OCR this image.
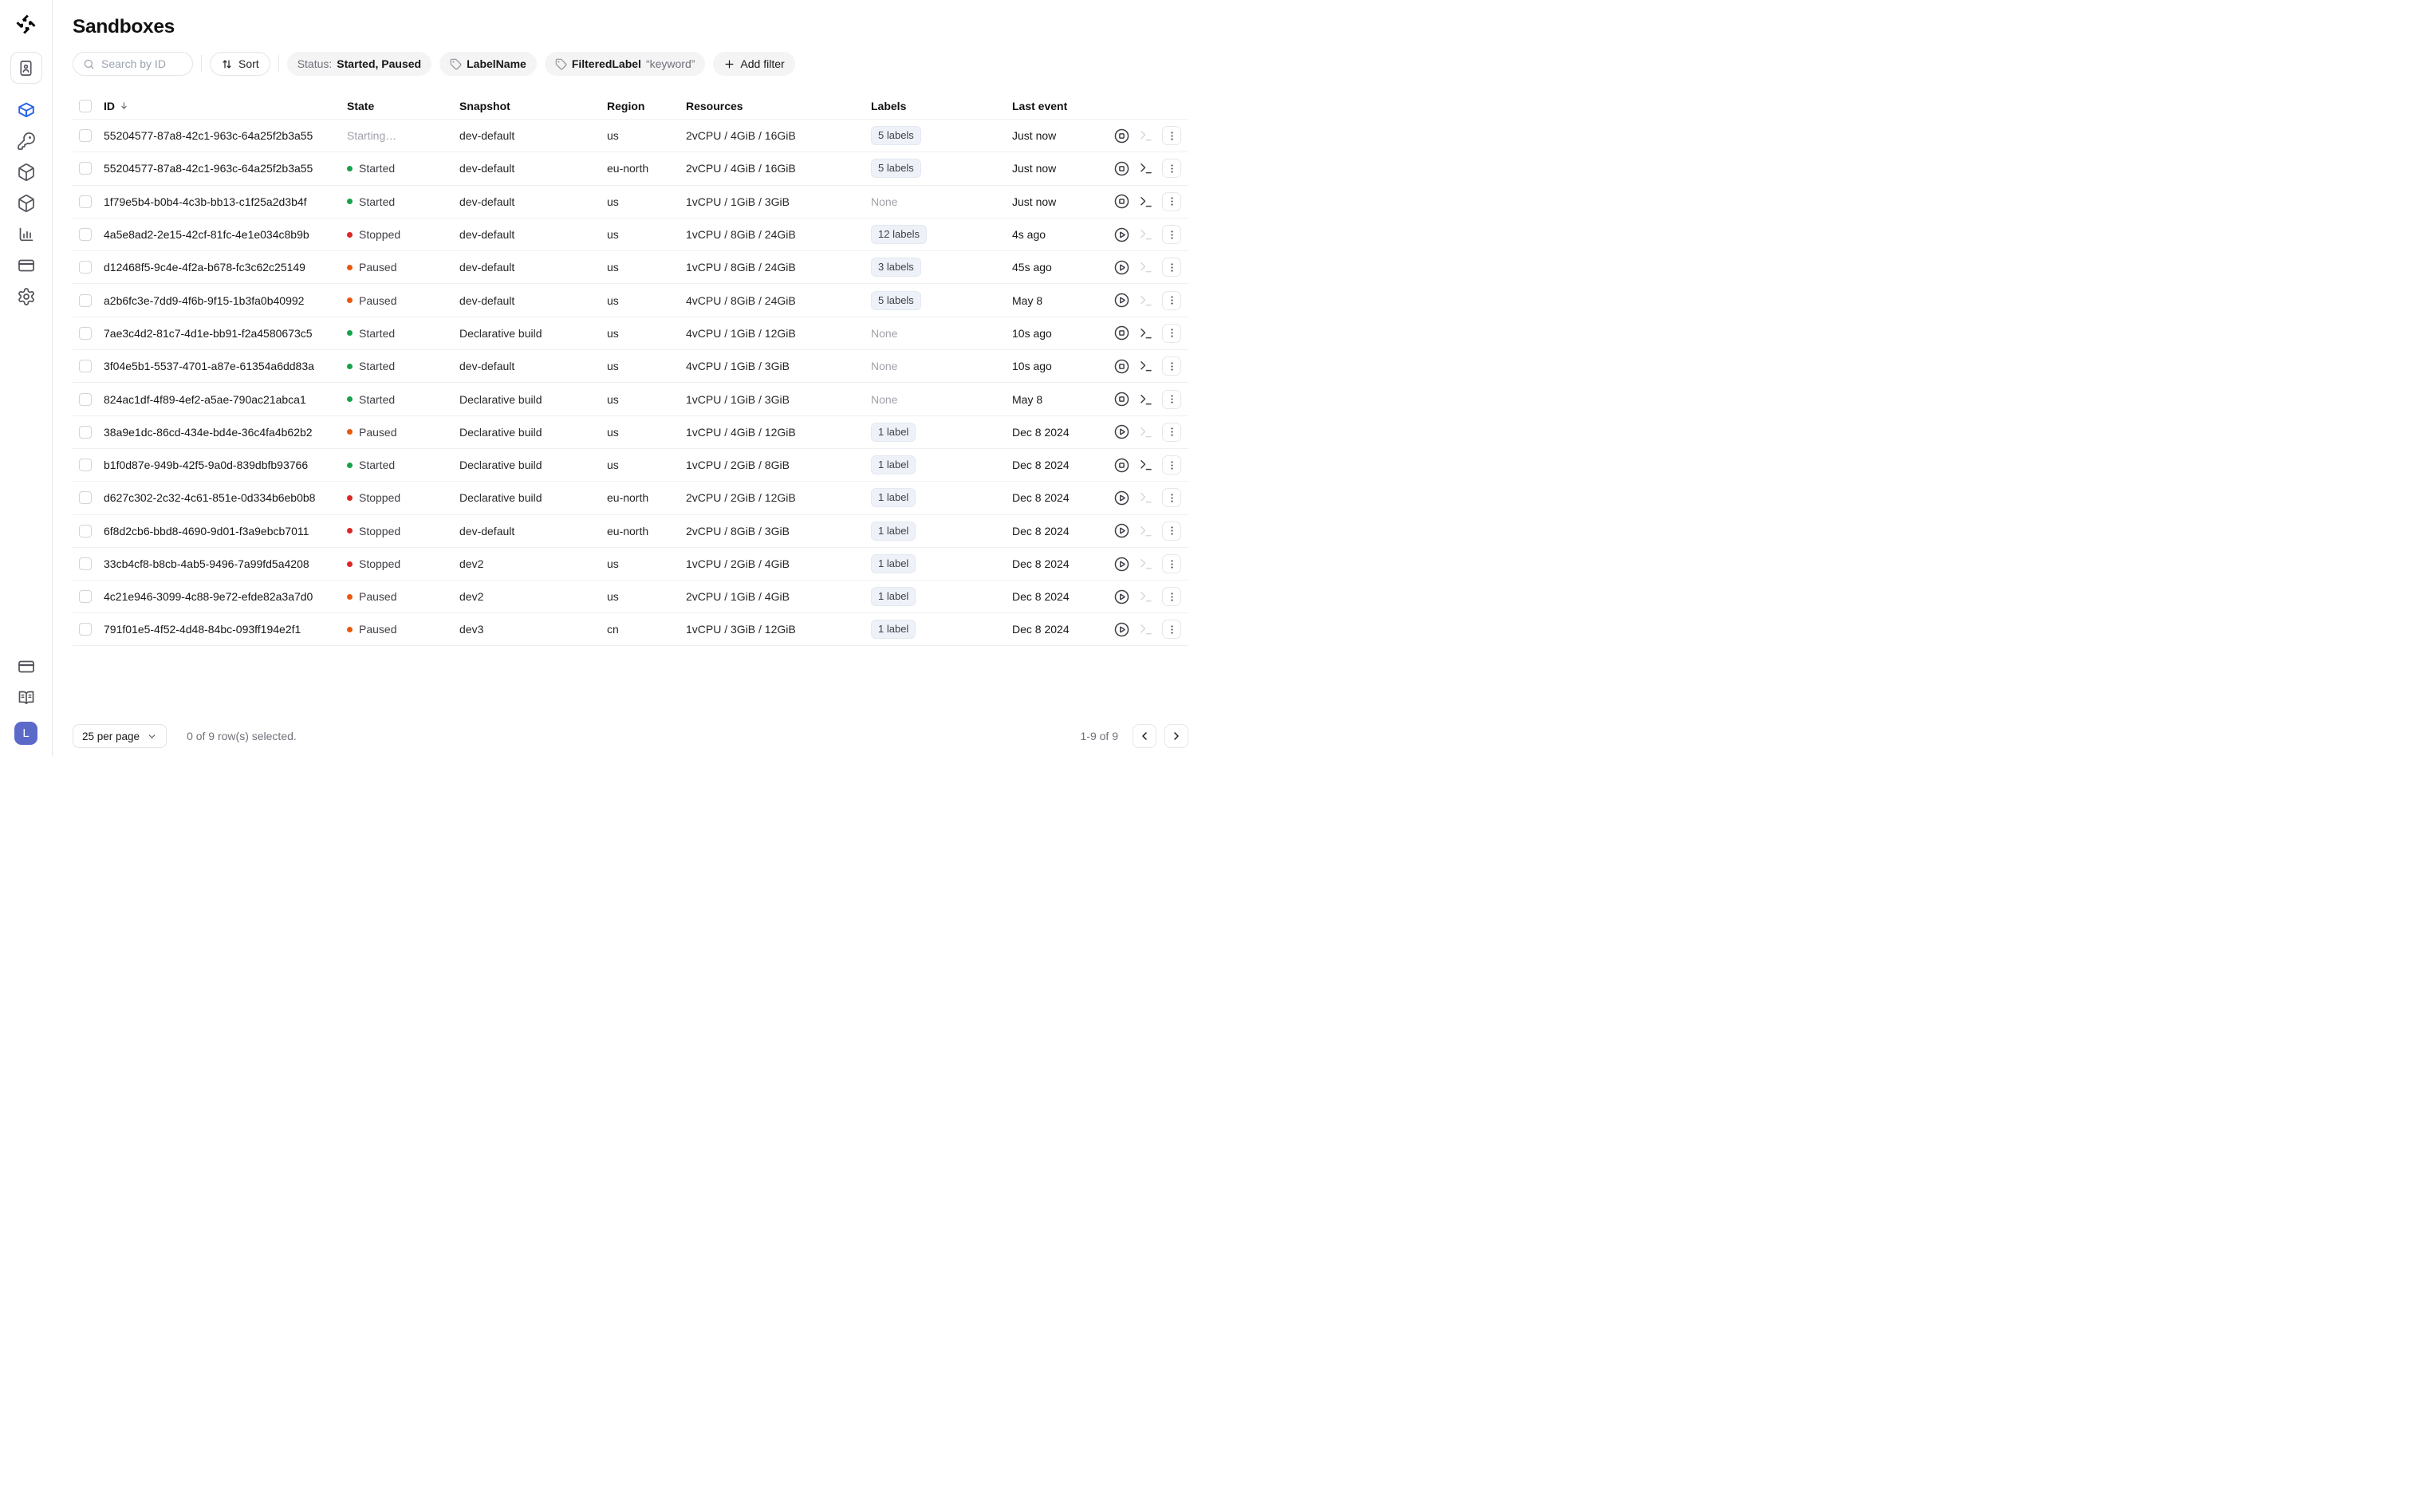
L
Sandboxes
Search by ID
Sort	Status: Started, Paused	LabelName	FilteredLabel “keyword”	Add filter
ID	State	Snapshot	Region	Resources	Labels	Last event
55204577-87a8-42c1-963c-64a25f2b3a55	Starting…	dev-default	us	2vCPU / 4GiB / 16GiB	5 labels	Just now
55204577-87a8-42c1-963c-64a25f2b3a55	Started	dev-default	eu-north	2vCPU / 4GiB / 16GiB	5 labels	Just now
1f79e5b4-b0b4-4c3b-bb13-c1f25a2d3b4f	Started	dev-default	us	1vCPU / 1GiB / 3GiB	None	Just now
4a5e8ad2-2e15-42cf-81fc-4e1e034c8b9b	Stopped	dev-default	us	1vCPU / 8GiB / 24GiB	12 labels	4s ago
d12468f5-9c4e-4f2a-b678-fc3c62c25149	Paused	dev-default	us	1vCPU / 8GiB / 24GiB	3 labels	45s ago
a2b6fc3e-7dd9-4f6b-9f15-1b3fa0b40992	Paused	dev-default	us	4vCPU / 8GiB / 24GiB	5 labels	May 8
7ae3c4d2-81c7-4d1e-bb91-f2a4580673c5	Started	Declarative build	us	4vCPU / 1GiB / 12GiB	None	10s ago
3f04e5b1-5537-4701-a87e-61354a6dd83a	Started	dev-default	us	4vCPU / 1GiB / 3GiB	None	10s ago
824ac1df-4f89-4ef2-a5ae-790ac21abca1	Started	Declarative build	us	1vCPU / 1GiB / 3GiB	None	May 8
38a9e1dc-86cd-434e-bd4e-36c4fa4b62b2	Paused	Declarative build	us	1vCPU / 4GiB / 12GiB	1 label	Dec 8 2024
b1f0d87e-949b-42f5-9a0d-839dbfb93766	Started	Declarative build	us	1vCPU / 2GiB / 8GiB	1 label	Dec 8 2024
d627c302-2c32-4c61-851e-0d334b6eb0b8	Stopped	Declarative build	eu-north	2vCPU / 2GiB / 12GiB	1 label	Dec 8 2024
6f8d2cb6-bbd8-4690-9d01-f3a9ebcb7011	Stopped	dev-default	eu-north	2vCPU / 8GiB / 3GiB	1 label	Dec 8 2024
33cb4cf8-b8cb-4ab5-9496-7a99fd5a4208	Stopped	dev2	us	1vCPU / 2GiB / 4GiB	1 label	Dec 8 2024
4c21e946-3099-4c88-9e72-efde82a3a7d0	Paused	dev2	us	2vCPU / 1GiB / 4GiB	1 label	Dec 8 2024
791f01e5-4f52-4d48-84bc-093ff194e2f1	Paused	dev3	cn	1vCPU / 3GiB / 12GiB	1 label	Dec 8 2024
25 per page	0 of 9 row(s) selected.	1-9 of 9
